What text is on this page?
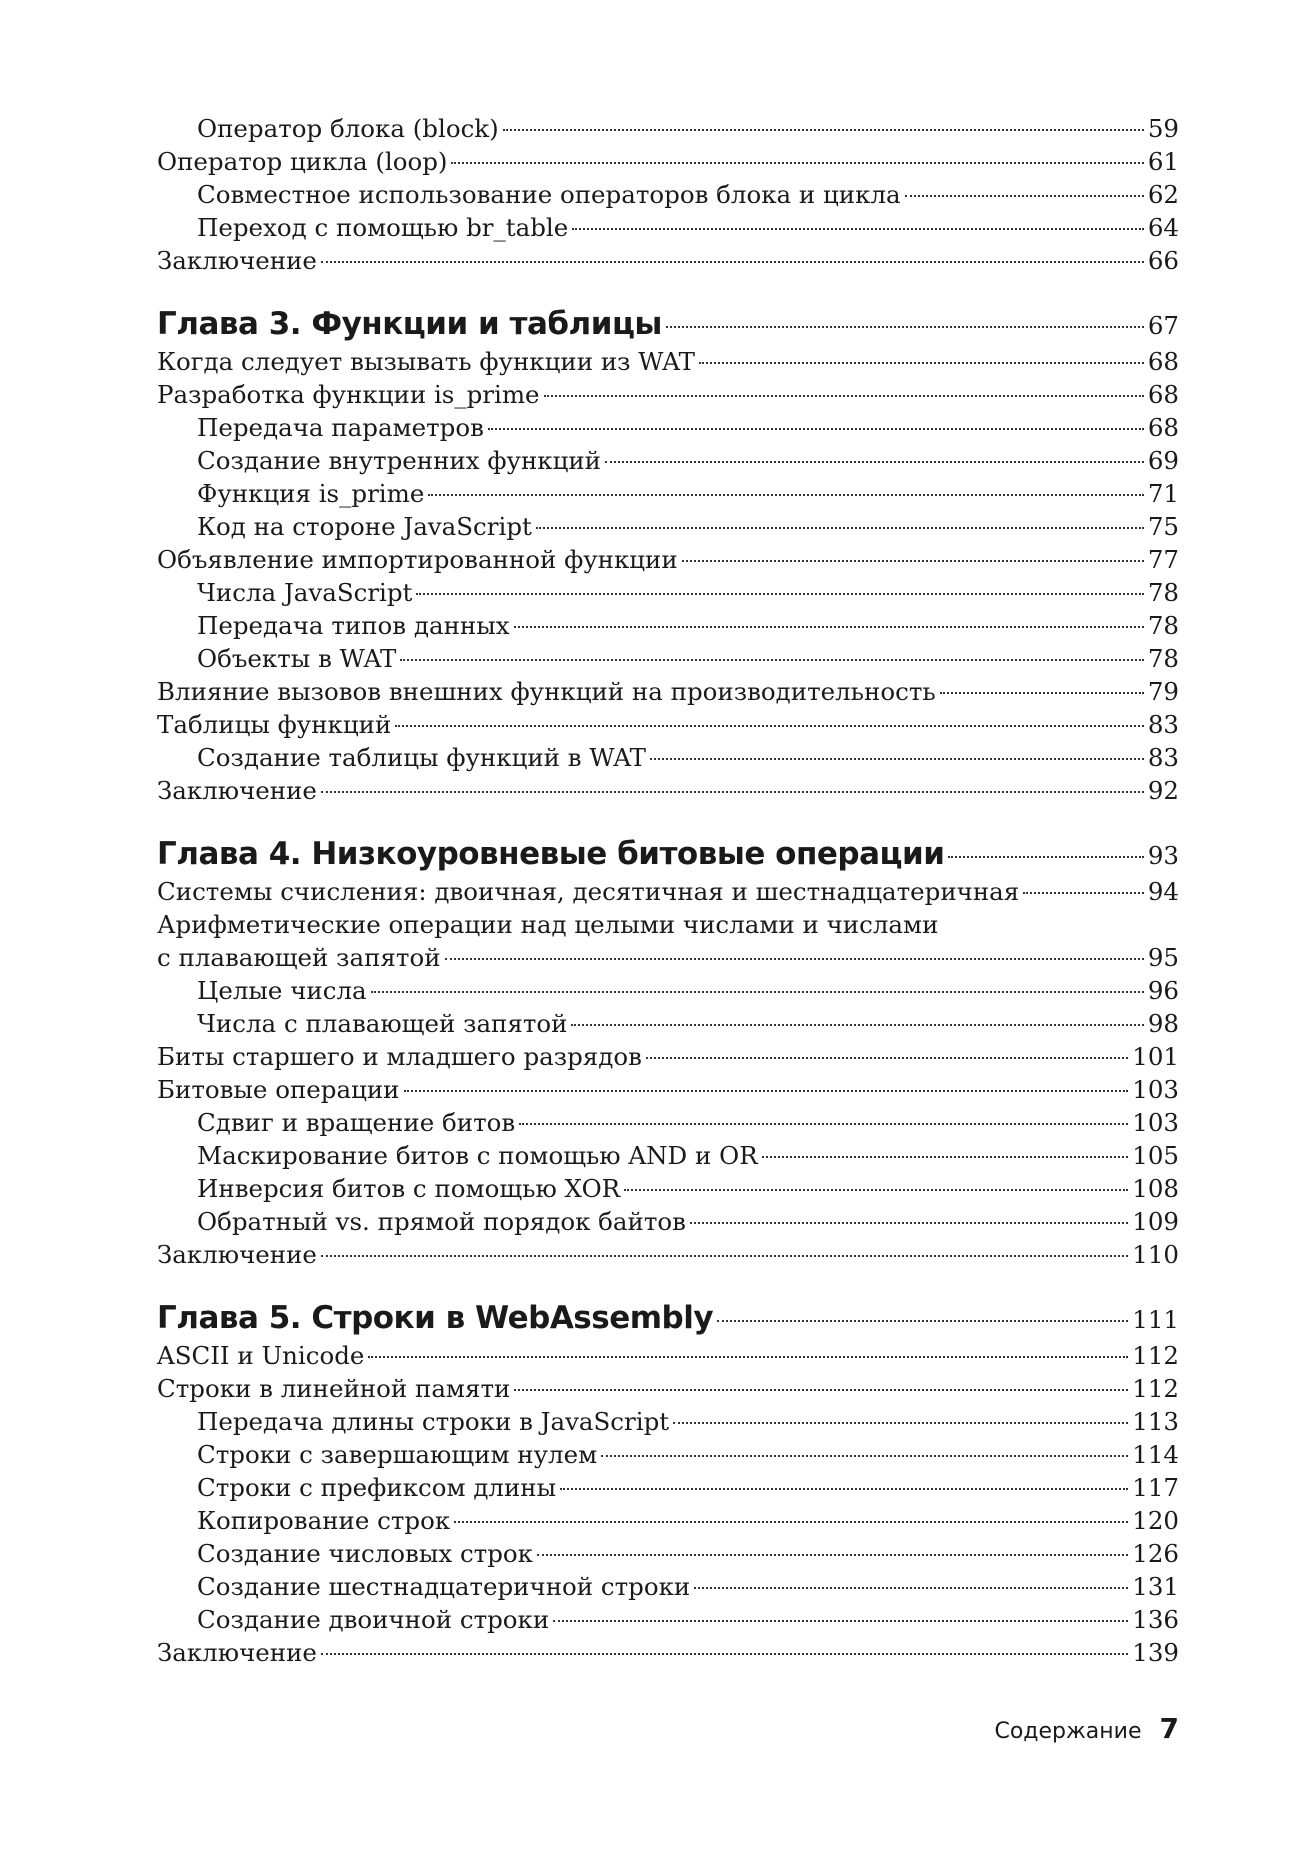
Оператор блока (block)	59
Оператор цикла (loop)	61
Совместное использование операторов блока и цикла	62
Переход с помощью br_table	64
Заключение	66
Глава 3. Функции и таблицы	67
Когда следует вызывать функции из WAT	68
Разработка функции is_prime	68
Передача параметров	68
Создание внутренних функций	69
Функция is_prime	71
Код на стороне JavaScript	75
Объявление импортированной функции	77
Числа JavaScript	78
Передача типов данных	78
Объекты в WAT	78
Влияние вызовов внешних функций на производительность	79
Таблицы функций	83
Создание таблицы функций в WAT	83
Заключение	92
Глава 4. Низкоуровневые битовые операции	93
Системы счисления: двоичная, десятичная и шестнадцатеричная	94
Арифметические операции над целыми числами и числами
с плавающей запятой	95
Целые числа	96
Числа с плавающей запятой	98
Биты старшего и младшего разрядов	101
Битовые операции	103
Сдвиг и вращение битов	103
Маскирование битов с помощью AND и OR	105
Инверсия битов с помощью XOR	108
Обратный vs. прямой порядок байтов	109
Заключение	110
Глава 5. Строки в WebAssembly	111
ASCII и Unicode	112
Строки в линейной памяти	112
Передача длины строки в JavaScript	113
Строки с завершающим нулем	114
Строки с префиксом длины	117
Копирование строк	120
Создание числовых строк	126
Создание шестнадцатеричной строки	131
Создание двоичной строки	136
Заключение	139
Содержание 7
